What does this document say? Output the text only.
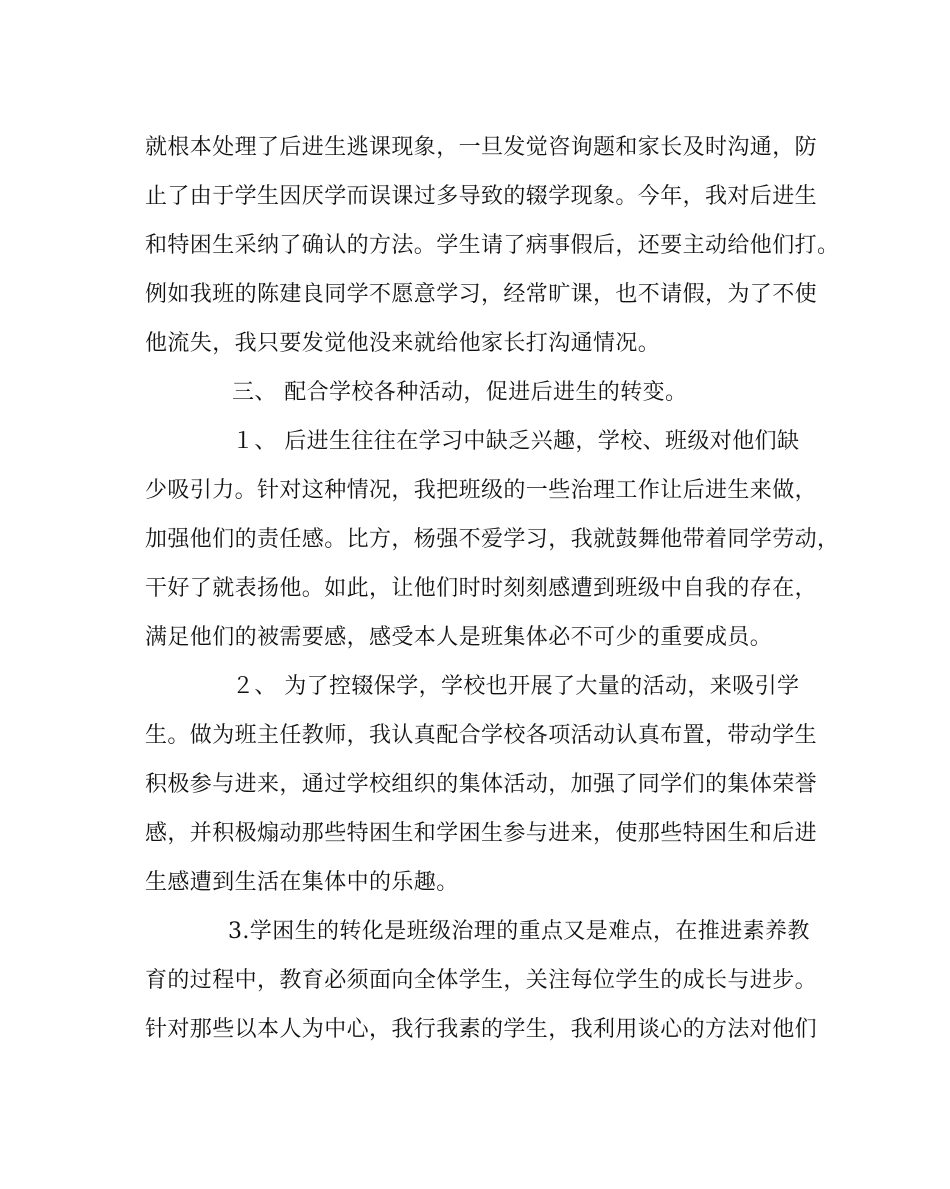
就根本处理了后进生逃课现象，一旦发觉咨询题和家长及时沟通，防
止了由于学生因厌学而误课过多导致的辍学现象。今年，我对后进生
和特困生采纳了确认的方法。学生请了病事假后，还要主动给他们打。
例如我班的陈建良同学不愿意学习，经常旷课，也不请假，为了不使
他流失，我只要发觉他没来就给他家长打沟通情况。
三、 配合学校各种活动，促进后进生的转变。
１、 后进生往往在学习中缺乏兴趣，学校、班级对他们缺
少吸引力。针对这种情况，我把班级的一些治理工作让后进生来做，
加强他们的责任感。比方，杨强不爱学习，我就鼓舞他带着同学劳动，
干好了就表扬他。如此，让他们时时刻刻感遭到班级中自我的存在，
满足他们的被需要感，感受本人是班集体必不可少的重要成员。
２、 为了控辍保学，学校也开展了大量的活动，来吸引学
生。做为班主任教师，我认真配合学校各项活动认真布置，带动学生
积极参与进来，通过学校组织的集体活动，加强了同学们的集体荣誉
感，并积极煽动那些特困生和学困生参与进来，使那些特困生和后进
生感遭到生活在集体中的乐趣。
3.学困生的转化是班级治理的重点又是难点，在推进素养教
育的过程中，教育必须面向全体学生，关注每位学生的成长与进步。
针对那些以本人为中心，我行我素的学生，我利用谈心的方法对他们
